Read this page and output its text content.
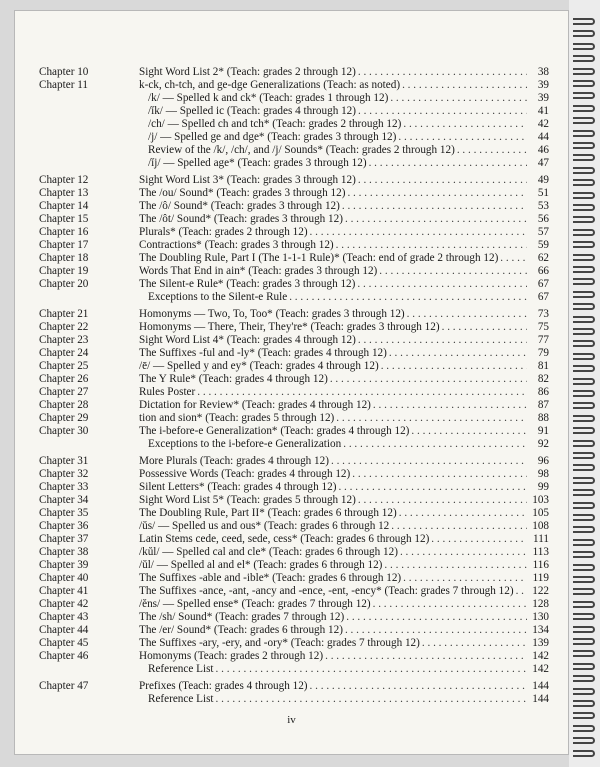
Chapter 10	Sight Word List 2* (Teach: grades 2 through 12) . . .	38
Chapter 11	k-ck, ch-tch, and ge-dge Generalizations (Teach: as noted) . . .	39
/k/ — Spelled k and ck* (Teach: grades 1 through 12) . . .	39
/ĭk/ — Spelled ic (Teach: grades 4 through 12) . . .	41
/ch/ — Spelled ch and tch* (Teach: grades 2 through 12) . . .	42
/j/ — Spelled ge and dge* (Teach: grades 3 through 12) . . .	44
Review of the /k/, /ch/, and /j/ Sounds* (Teach: grades 2 through 12) . . .	46
/ĭj/ — Spelled age* (Teach: grades 3 through 12) . . .	47
Chapter 12	Sight Word List 3* (Teach: grades 3 through 12) . . .	49
Chapter 13	The /ou/ Sound* (Teach: grades 3 through 12) . . .	51
Chapter 14	The /ô/ Sound* (Teach: grades 3 through 12) . . .	53
Chapter 15	The /ôt/ Sound* (Teach: grades 3 through 12) . . .	56
Chapter 16	Plurals* (Teach: grades 2 through 12) . . .	57
Chapter 17	Contractions* (Teach: grades 3 through 12) . . .	59
Chapter 18	The Doubling Rule, Part I (The 1-1-1 Rule)* (Teach: end of grade 2 through 12) . . .	62
Chapter 19	Words That End in ain* (Teach: grades 3 through 12) . . .	66
Chapter 20	The Silent-e Rule* (Teach: grades 3 through 12) . . .	67
Exceptions to the Silent-e Rule . . .	67
Chapter 21	Homonyms — Two, To, Too* (Teach: grades 3 through 12) . . .	73
Chapter 22	Homonyms — There, Their, They're* (Teach: grades 3 through 12) . . .	75
Chapter 23	Sight Word List 4* (Teach: grades 4 through 12) . . .	77
Chapter 24	The Suffixes -ful and -ly* (Teach: grades 4 through 12) . . .	79
Chapter 25	/ē/ — Spelled y and ey* (Teach: grades 4 through 12) . . .	81
Chapter 26	The Y Rule* (Teach: grades 4 through 12) . . .	82
Chapter 27	Rules Poster . . .	86
Chapter 28	Dictation for Review* (Teach: grades 4 through 12) . . .	87
Chapter 29	tion and sion* (Teach: grades 5 through 12) . . .	88
Chapter 30	The i-before-e Generalization* (Teach: grades 4 through 12) . . .	91
Exceptions to the i-before-e Generalization . . .	92
Chapter 31	More Plurals (Teach: grades 4 through 12) . . .	96
Chapter 32	Possessive Words (Teach: grades 4 through 12) . . .	98
Chapter 33	Silent Letters* (Teach: grades 4 through 12) . . .	99
Chapter 34	Sight Word List 5* (Teach: grades 5 through 12) . . .	103
Chapter 35	The Doubling Rule, Part II* (Teach: grades 6 through 12) . . .	105
Chapter 36	/ŭs/ — Spelled us and ous* (Teach: grades 6 through 12 . . .	108
Chapter 37	Latin Stems cede, ceed, sede, cess* (Teach: grades 6 through 12) . . .	111
Chapter 38	/kŭl/ — Spelled cal and cle* (Teach: grades 6 through 12) . . .	113
Chapter 39	/ŭl/ — Spelled al and el* (Teach: grades 6 through 12) . . .	116
Chapter 40	The Suffixes -able and -ible* (Teach: grades 6 through 12) . . .	119
Chapter 41	The Suffixes -ance, -ant, -ancy and -ence, -ent, -ency* (Teach: grades 7 through 12) . . . 122
Chapter 42	/ĕns/ — Spelled ense* (Teach: grades 7 through 12) . . .	128
Chapter 43	The /sh/ Sound* (Teach: grades 7 through 12) . . .	130
Chapter 44	The /er/ Sound* (Teach: grades 6 through 12) . . .	134
Chapter 45	The Suffixes -ary, -ery, and -ory* (Teach: grades 7 through 12) . . .	139
Chapter 46	Homonyms (Teach: grades 2 through 12) . . .	142
Reference List . . .	142
Chapter 47	Prefixes (Teach: grades 4 through 12) . . .	144
Reference List . . .	144
iv
